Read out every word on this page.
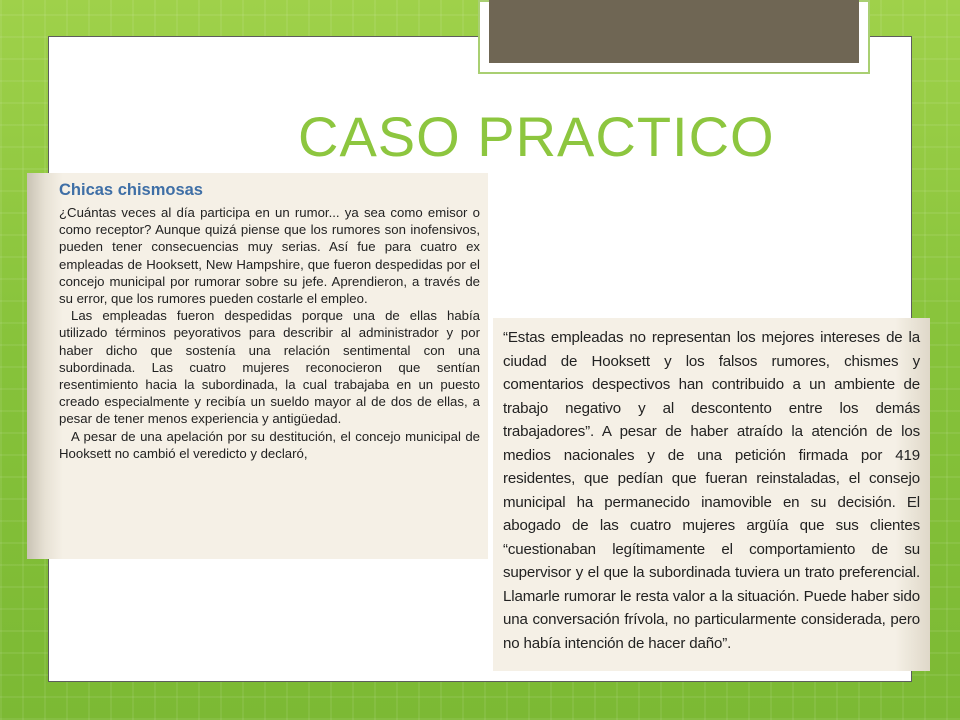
CASO PRACTICO
Chicas chismosas

¿Cuántas veces al día participa en un rumor... ya sea como emisor o como receptor? Aunque quizá piense que los rumores son inofensivos, pueden tener consecuencias muy serias. Así fue para cuatro ex empleadas de Hooksett, New Hampshire, que fueron despedidas por el concejo municipal por rumorar sobre su jefe. Aprendieron, a través de su error, que los rumores pueden costarle el empleo.

Las empleadas fueron despedidas porque una de ellas había utilizado términos peyorativos para describir al administrador y por haber dicho que sostenía una relación sentimental con una subordinada. Las cuatro mujeres reconocieron que sentían resentimiento hacia la subordinada, la cual trabajaba en un puesto creado especialmente y recibía un sueldo mayor al de dos de ellas, a pesar de tener menos experiencia y antigüedad.

A pesar de una apelación por su destitución, el concejo municipal de Hooksett no cambió el veredicto y declaró,

“Estas empleadas no representan los mejores intereses de la ciudad de Hooksett y los falsos rumores, chismes y comentarios despectivos han contribuido a un ambiente de trabajo negativo y al descontento entre los demás trabajadores”. A pesar de haber atraído la atención de los medios nacionales y de una petición firmada por 419 residentes, que pedían que fueran reinstaladas, el consejo municipal ha permanecido inamovible en su decisión. El abogado de las cuatro mujeres argüía que sus clientes “cuestionaban legítimamente el comportamiento de su supervisor y el que la subordinada tuviera un trato preferencial. Llamarle rumorar le resta valor a la situación. Puede haber sido una conversación frívola, no particularmente considerada, pero no había intención de hacer daño”.
